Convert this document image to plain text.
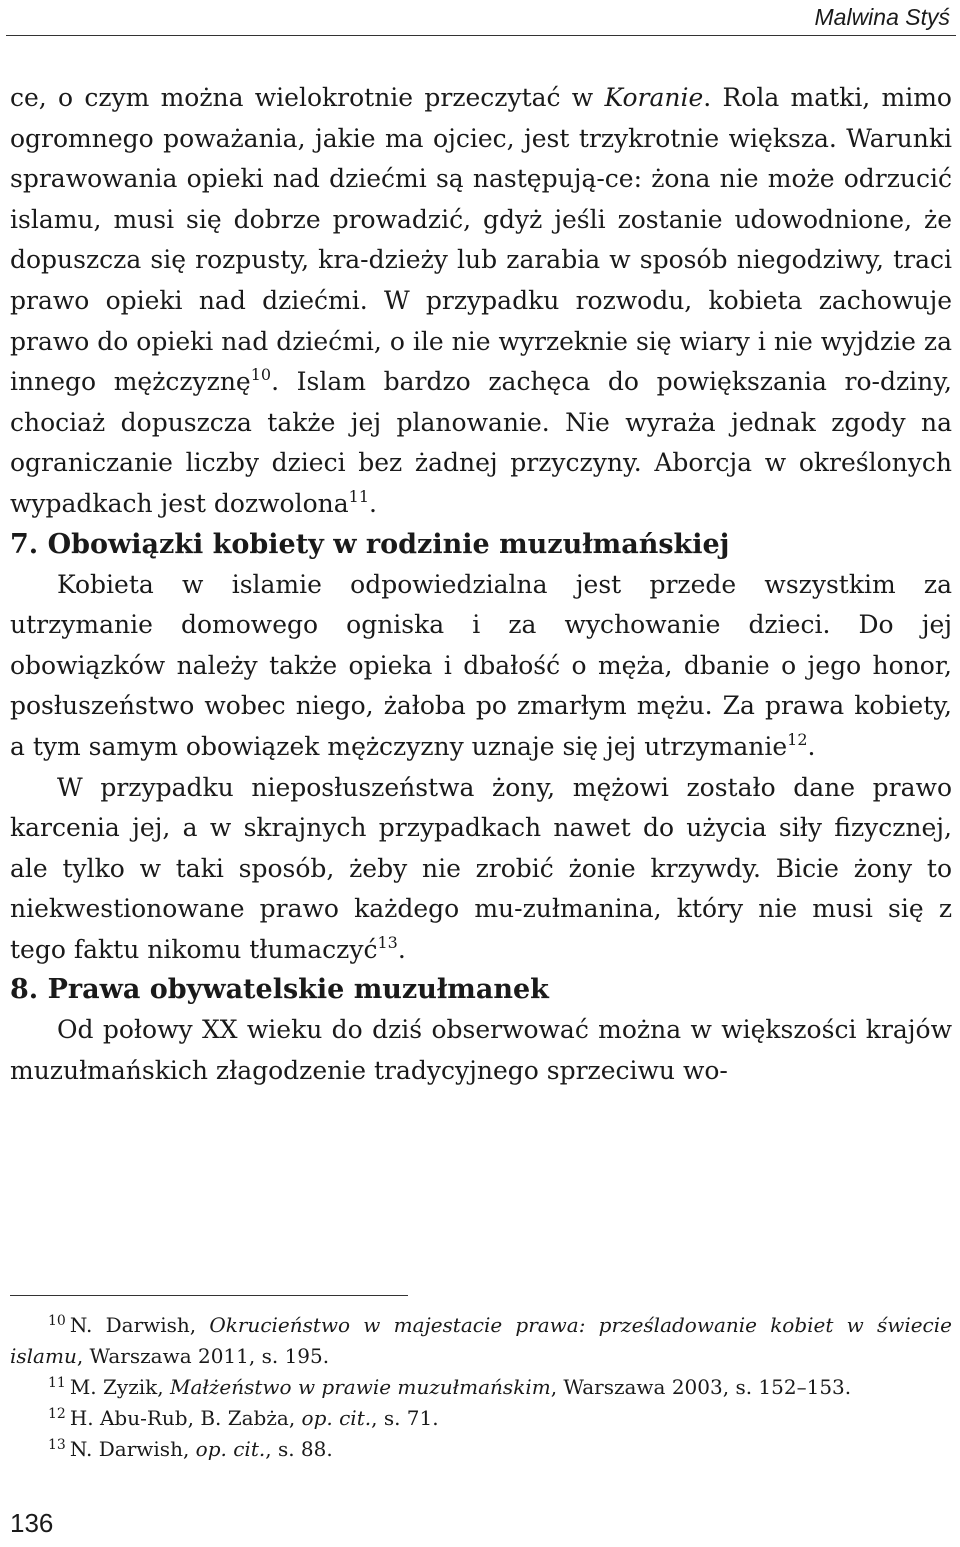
Malwina Styś

ce, o czym można wielokrotnie przeczytać w Koranie. Rola matki, mimo ogromnego poważania, jakie ma ojciec, jest trzykrotnie większa. Warunki sprawowania opieki nad dziećmi są następują-ce: żona nie może odrzucić islamu, musi się dobrze prowadzić, gdyż jeśli zostanie udowodnione, że dopuszcza się rozpusty, kra-dzieży lub zarabia w sposób niegodziwy, traci prawo opieki nad dziećmi. W przypadku rozwodu, kobieta zachowuje prawo do opieki nad dziećmi, o ile nie wyrzeknie się wiary i nie wyjdzie za innego mężczyznę$^{10}$. Islam bardzo zachęca do powiększania ro-dziny, chociaż dopuszcza także jej planowanie. Nie wyraża jednak zgody na ograniczanie liczby dzieci bez żadnej przyczyny. Aborcja w określonych wypadkach jest dozwolona$^{11}$.

7. Obowiązki kobiety w rodzinie muzułmańskiej

Kobieta w islamie odpowiedzialna jest przede wszystkim za utrzymanie domowego ogniska i za wychowanie dzieci. Do jej obowiązków należy także opieka i dbałość o męża, dbanie o jego honor, posłuszeństwo wobec niego, żałoba po zmarłym mężu. Za prawa kobiety, a tym samym obowiązek mężczyzny uznaje się jej utrzymanie$^{12}$.

W przypadku nieposłuszeństwa żony, mężowi zostało dane prawo karcenia jej, a w skrajnych przypadkach nawet do użycia siły fizycznej, ale tylko w taki sposób, żeby nie zrobić żonie krzywdy. Bicie żony to niekwestionowane prawo każdego mu-zułmanina, który nie musi się z tego faktu nikomu tłumaczyć$^{13}$.

8. Prawa obywatelskie muzułmanek

Od połowy XX wieku do dziś obserwować można w większości krajów muzułmańskich złagodzenie tradycyjnego sprzeciwu wo-

10 N. Darwish, Okrucieństwo w majestacie prawa: prześladowanie kobiet w świecie islamu, Warszawa 2011, s. 195.
11 M. Zyzik, Małżeństwo w prawie muzułmańskim, Warszawa 2003, s. 152–153.
12 H. Abu-Rub, B. Zabża, op. cit., s. 71.
13 N. Darwish, op. cit., s. 88.
136
